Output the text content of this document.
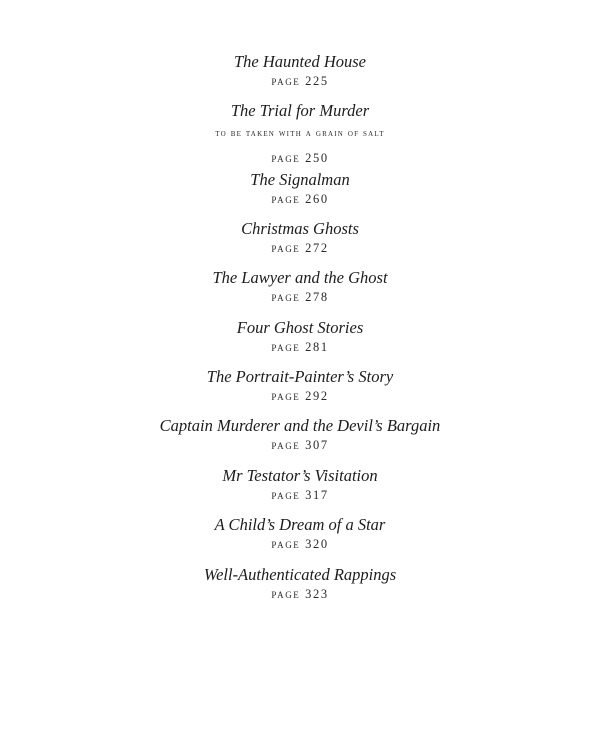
The Haunted House
page 225
The Trial for Murder
to be taken with a grain of salt
page 250
The Signalman
page 260
Christmas Ghosts
page 272
The Lawyer and the Ghost
page 278
Four Ghost Stories
page 281
The Portrait-Painter’s Story
page 292
Captain Murderer and the Devil’s Bargain
page 307
Mr Testator’s Visitation
page 317
A Child’s Dream of a Star
page 320
Well-Authenticated Rappings
page 323
